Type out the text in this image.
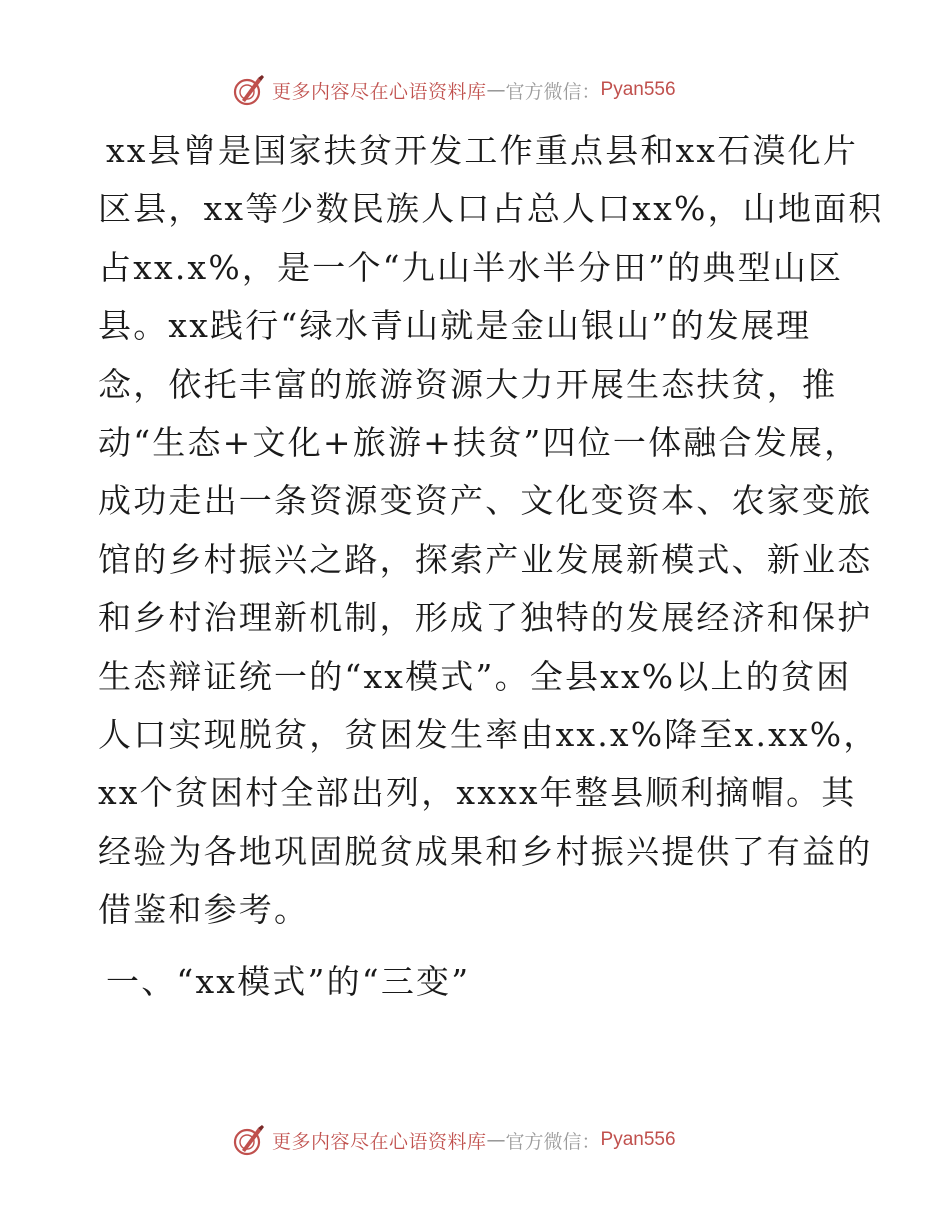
更多内容尽在心语资料库 — 官方微信： Pyan556
xx县曾是国家扶贫开发工作重点县和xx石漠化片
区县，xx等少数民族人口占总人口xx%，山地面积
占xx.x%，是一个“九山半水半分田”的典型山区
县。xx践行“绿水青山就是金山银山”的发展理
念，依托丰富的旅游资源大力开展生态扶贫，推
动“生态+文化+旅游+扶贫”四位一体融合发展，
成功走出一条资源变资产、文化变资本、农家变旅
馆的乡村振兴之路，探索产业发展新模式、新业态
和乡村治理新机制，形成了独特的发展经济和保护
生态辩证统一的“xx模式”。全县xx%以上的贫困
人口实现脱贫，贫困发生率由xx.x%降至x.xx%，
xx个贫困村全部出列，xxxx年整县顺利摘帽。其
经验为各地巩固脱贫成果和乡村振兴提供了有益的
借鉴和参考。
一、“xx模式”的“三变”
更多内容尽在心语资料库 — 官方微信： Pyan556
